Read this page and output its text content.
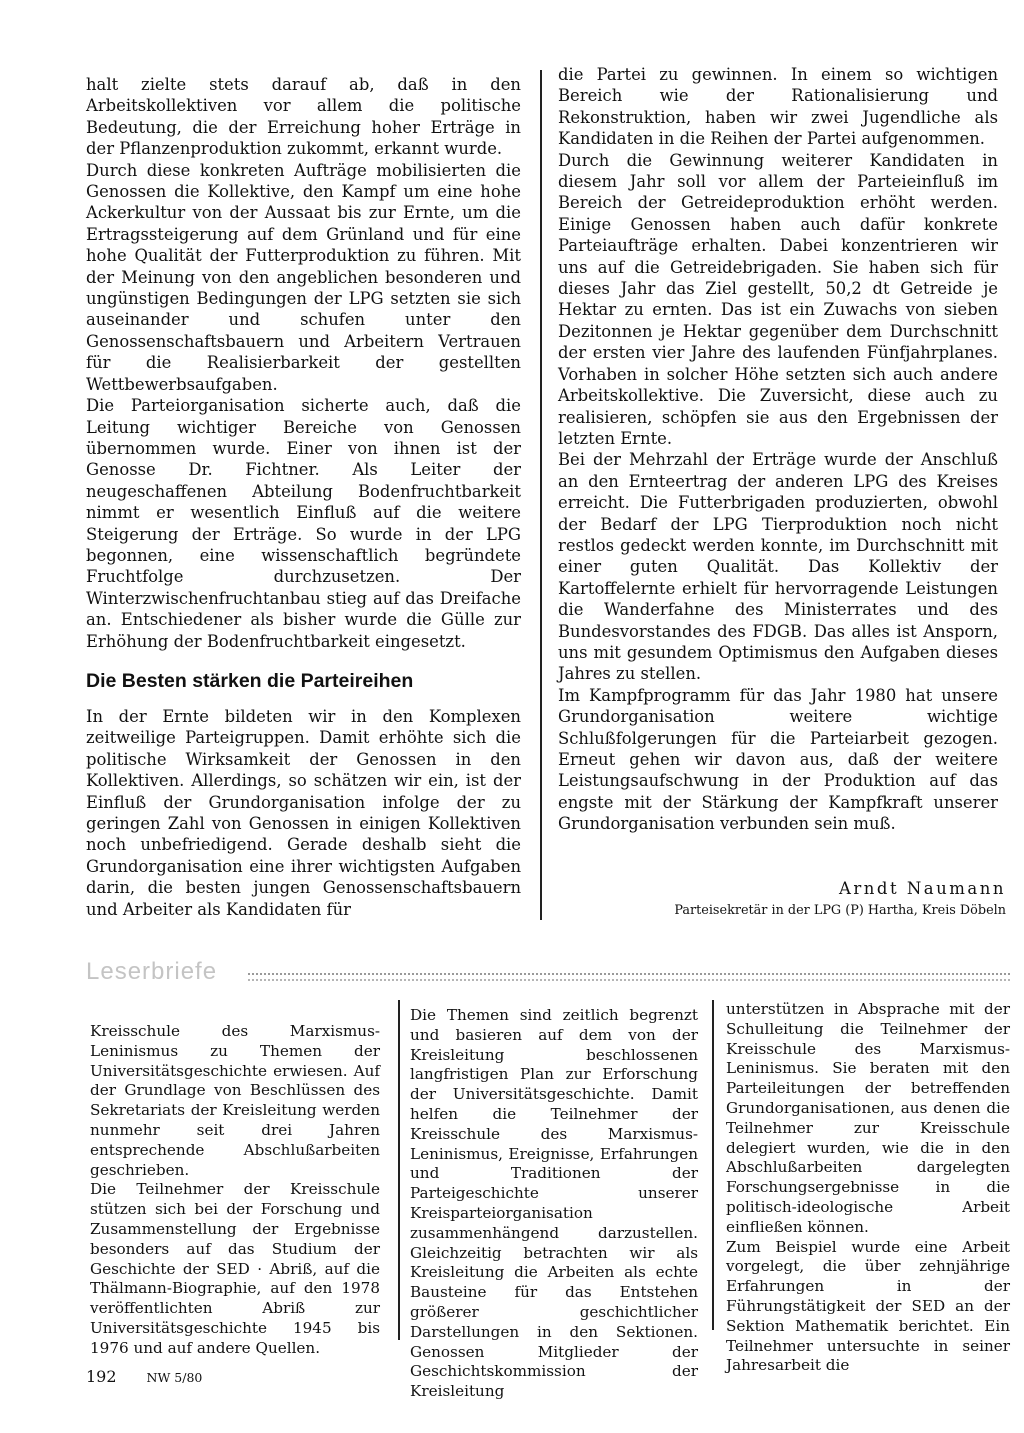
halt zielte stets darauf ab, daß in den Arbeitskollektiven vor allem die politische Bedeutung, die der Erreichung hoher Erträge in der Pflanzenproduktion zukommt, erkannt wurde.

Durch diese konkreten Aufträge mobilisierten die Genossen die Kollektive, den Kampf um eine hohe Ackerkultur von der Aussaat bis zur Ernte, um die Ertragssteigerung auf dem Grünland und für eine hohe Qualität der Futterproduktion zu führen. Mit der Meinung von den angeblichen besonderen und ungünstigen Bedingungen der LPG setzten sie sich auseinander und schufen unter den Genossenschaftsbauern und Arbeitern Vertrauen für die Realisierbarkeit der gestellten Wettbewerbsaufgaben.

Die Parteiorganisation sicherte auch, daß die Leitung wichtiger Bereiche von Genossen übernommen wurde. Einer von ihnen ist der Genosse Dr. Fichtner. Als Leiter der neugeschaffenen Abteilung Bodenfruchtbarkeit nimmt er wesentlich Einfluß auf die weitere Steigerung der Erträge. So wurde in der LPG begonnen, eine wissenschaftlich begründete Fruchtfolge durchzusetzen. Der Winterzwischenfruchtanbau stieg auf das Dreifache an. Entschiedener als bisher wurde die Gülle zur Erhöhung der Bodenfruchtbarkeit eingesetzt.

Die Besten stärken die Parteireihen

In der Ernte bildeten wir in den Komplexen zeitweilige Parteigruppen. Damit erhöhte sich die politische Wirksamkeit der Genossen in den Kollektiven. Allerdings, so schätzen wir ein, ist der Einfluß der Grundorganisation infolge der zu geringen Zahl von Genossen in einigen Kollektiven noch unbefriedigend. Gerade deshalb sieht die Grundorganisation eine ihrer wichtigsten Aufgaben darin, die besten jungen Genossenschaftsbauern und Arbeiter als Kandidaten für

die Partei zu gewinnen. In einem so wichtigen Bereich wie der Rationalisierung und Rekonstruktion, haben wir zwei Jugendliche als Kandidaten in die Reihen der Partei aufgenommen.

Durch die Gewinnung weiterer Kandidaten in diesem Jahr soll vor allem der Parteieinfluß im Bereich der Getreideproduktion erhöht werden. Einige Genossen haben auch dafür konkrete Parteiaufträge erhalten. Dabei konzentrieren wir uns auf die Getreidebrigaden. Sie haben sich für dieses Jahr das Ziel gestellt, 50,2 dt Getreide je Hektar zu ernten. Das ist ein Zuwachs von sieben Dezitonnen je Hektar gegenüber dem Durchschnitt der ersten vier Jahre des laufenden Fünfjahrplanes. Vorhaben in solcher Höhe setzten sich auch andere Arbeitskollektive. Die Zuversicht, diese auch zu realisieren, schöpfen sie aus den Ergebnissen der letzten Ernte.

Bei der Mehrzahl der Erträge wurde der Anschluß an den Ernteertrag der anderen LPG des Kreises erreicht. Die Futterbrigaden produzierten, obwohl der Bedarf der LPG Tierproduktion noch nicht restlos gedeckt werden konnte, im Durchschnitt mit einer guten Qualität. Das Kollektiv der Kartoffelernte erhielt für hervorragende Leistungen die Wanderfahne des Ministerrates und des Bundesvorstandes des FDGB. Das alles ist Ansporn, uns mit gesundem Optimismus den Aufgaben dieses Jahres zu stellen.

Im Kampfprogramm für das Jahr 1980 hat unsere Grundorganisation weitere wichtige Schlußfolgerungen für die Parteiarbeit gezogen. Erneut gehen wir davon aus, daß der weitere Leistungsaufschwung in der Produktion auf das engste mit der Stärkung der Kampfkraft unserer Grundorganisation verbunden sein muß.

Arndt Naumann
Parteisekretär in der LPG (P) Hartha, Kreis Döbeln
Leserbriefe

Kreisschule des Marxismus-Leninismus zu Themen der Universitätsgeschichte erwiesen. Auf der Grundlage von Beschlüssen des Sekretariats der Kreisleitung werden nunmehr seit drei Jahren entsprechende Abschlußarbeiten geschrieben.

Die Teilnehmer der Kreisschule stützen sich bei der Forschung und Zusammenstellung der Ergebnisse besonders auf das Studium der Geschichte der SED · Abriß, auf die Thälmann-Biographie, auf den 1978 veröffentlichten Abriß zur Universitätsgeschichte 1945 bis 1976 und auf andere Quellen.

Die Themen sind zeitlich begrenzt und basieren auf dem von der Kreisleitung beschlossenen langfristigen Plan zur Erforschung der Universitätsgeschichte. Damit helfen die Teilnehmer der Kreisschule des Marxismus-Leninismus, Ereignisse, Erfahrungen und Traditionen der Parteigeschichte unserer Kreisparteiorganisation zusammenhängend darzustellen. Gleichzeitig betrachten wir als Kreisleitung die Arbeiten als echte Bausteine für das Entstehen größerer geschichtlicher Darstellungen in den Sektionen. Genossen Mitglieder der Geschichtskommission der Kreisleitung

unterstützen in Absprache mit der Schulleitung die Teilnehmer der Kreisschule des Marxismus-Leninismus. Sie beraten mit den Parteileitungen der betreffenden Grundorganisationen, aus denen die Teilnehmer zur Kreisschule delegiert wurden, wie die in den Abschlußarbeiten dargelegten Forschungsergebnisse in die politisch-ideologische Arbeit einfließen können.

Zum Beispiel wurde eine Arbeit vorgelegt, die über zehnjährige Erfahrungen in der Führungstätigkeit der SED an der Sektion Mathematik berichtet. Ein Teilnehmer untersuchte in seiner Jahresarbeit die

192 NW 5/80
